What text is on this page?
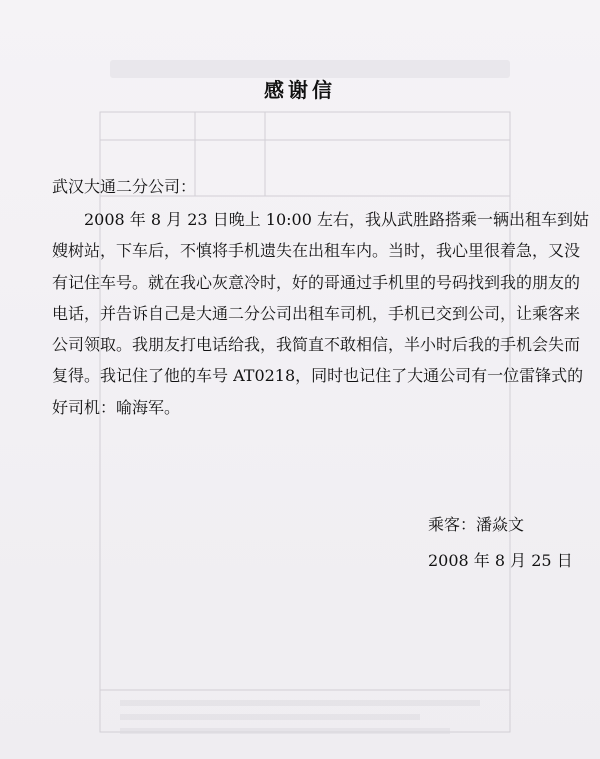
感谢信
武汉大通二分公司：

2008 年 8 月 23 日晚上 10:00 左右，我从武胜路搭乘一辆出租车到姑嫂树站，下车后，不慎将手机遗失在出租车内。当时，我心里很着急，又没有记住车号。就在我心灰意冷时，好的哥通过手机里的号码找到我的朋友的电话，并告诉自己是大通二分公司出租车司机，手机已交到公司，让乘客来公司领取。我朋友打电话给我，我简直不敢相信，半小时后我的手机会失而复得。我记住了他的车号 AT0218，同时也记住了大通公司有一位雷锋式的好司机：喻海军。

乘客：潘焱文
2008 年 8 月 25 日
